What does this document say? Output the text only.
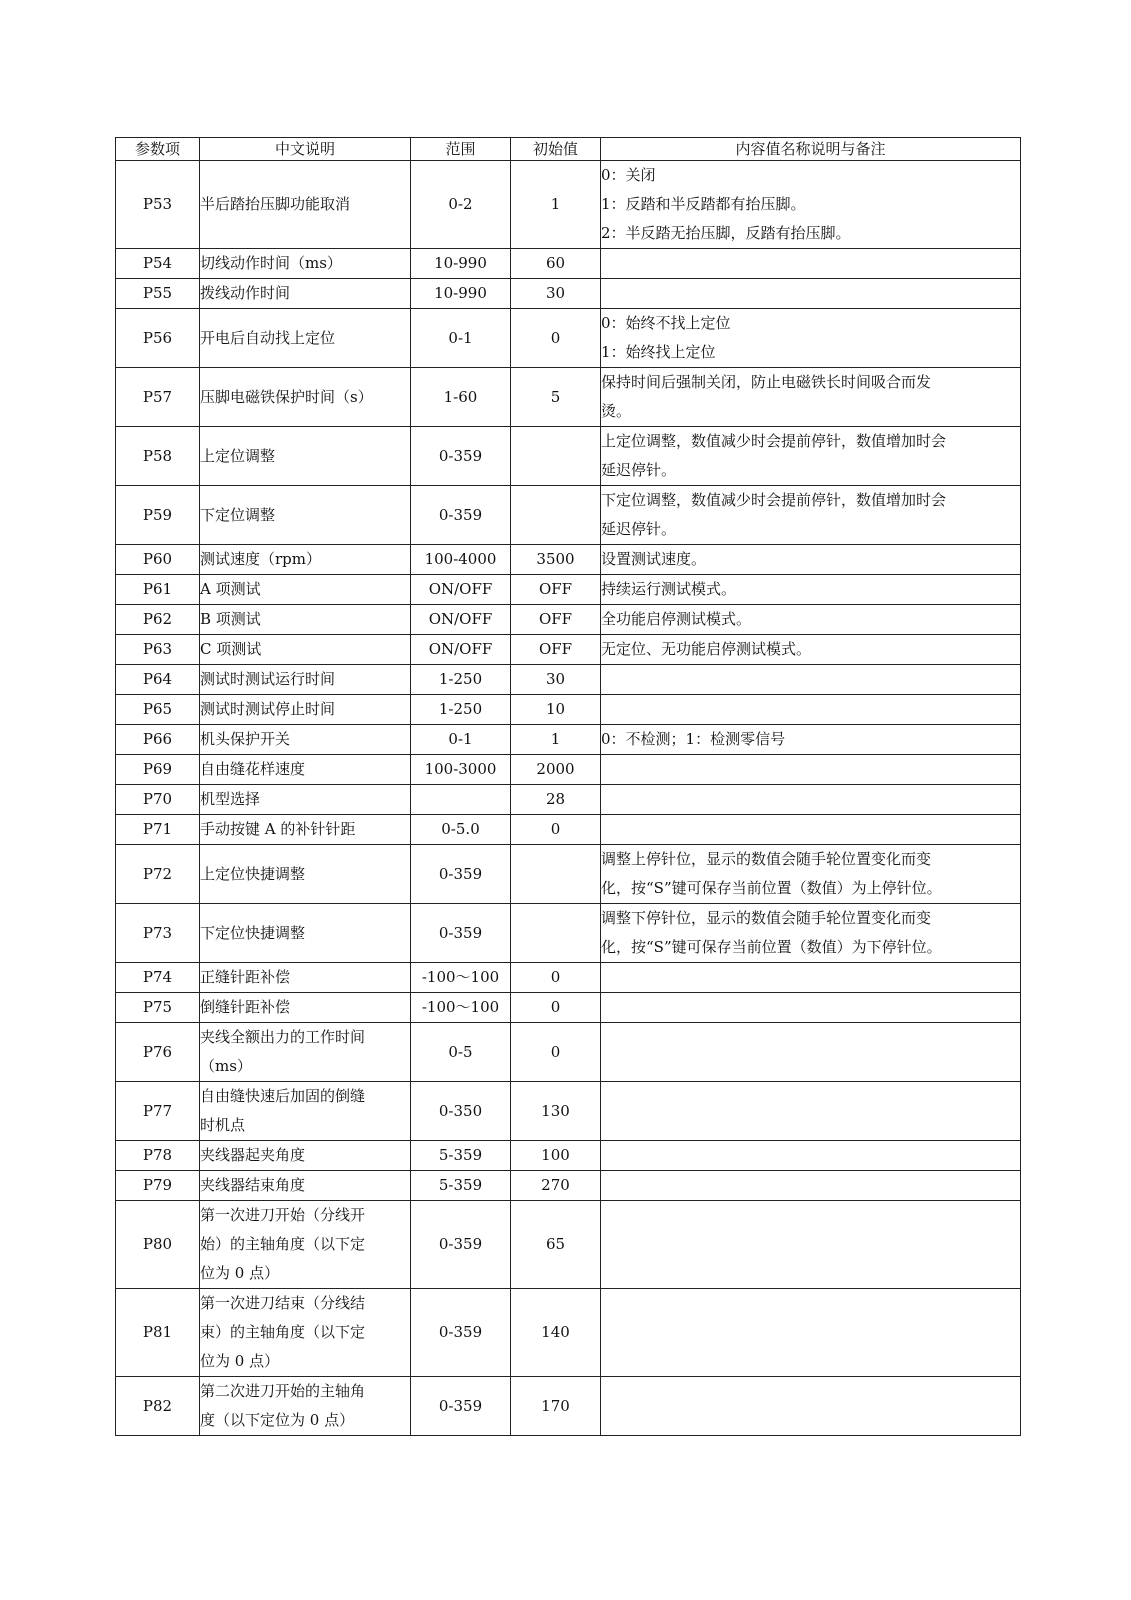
参数项	中文说明	范围	初始值	内容值名称说明与备注
P53	半后踏抬压脚功能取消	0-2	1	0：关闭
1：反踏和半反踏都有抬压脚。
2：半反踏无抬压脚，反踏有抬压脚。

P54	切线动作时间（ms）	10-990	60	
P55	拨线动作时间	10-990	30	
P56	开电后自动找上定位	0-1	0	0：始终不找上定位
1：始终找上定位

P57	压脚电磁铁保护时间（s）	1-60	5	保持时间后强制关闭，防止电磁铁长时间吸合而发
烫。

P58	上定位调整	0-359		上定位调整，数值减少时会提前停针，数值增加时会
延迟停针。

P59	下定位调整	0-359		下定位调整，数值减少时会提前停针，数值增加时会
延迟停针。

P60	测试速度（rpm）	100-4000	3500	设置测试速度。

P61	A 项测试	ON/OFF	OFF	持续运行测试模式。

P62	B 项测试	ON/OFF	OFF	全功能启停测试模式。

P63	C 项测试	ON/OFF	OFF	无定位、无功能启停测试模式。

P64	测试时测试运行时间	1-250	30	
P65	测试时测试停止时间	1-250	10	
P66	机头保护开关	0-1	1	0：不检测；1：检测零信号

P69	自由缝花样速度	100-3000	2000	
P70	机型选择		28	
P71	手动按键 A 的补针针距	0-5.0	0	
P72	上定位快捷调整	0-359		调整上停针位，显示的数值会随手轮位置变化而变
化，按“S”键可保存当前位置（数值）为上停针位。

P73	下定位快捷调整	0-359		调整下停针位，显示的数值会随手轮位置变化而变
化，按“S”键可保存当前位置（数值）为下停针位。

P74	正缝针距补偿	-100～100	0	
P75	倒缝针距补偿	-100～100	0	
P76	夹线全额出力的工作时间
（ms）	0-5	0	
P77	自由缝快速后加固的倒缝
时机点	0-350	130	
P78	夹线器起夹角度	5-359	100	
P79	夹线器结束角度	5-359	270	
P80	第一次进刀开始（分线开
始）的主轴角度（以下定
位为 0 点）	0-359	65	
P81	第一次进刀结束（分线结
束）的主轴角度（以下定
位为 0 点）	0-359	140	
P82	第二次进刀开始的主轴角
度（以下定位为 0 点）	0-359	170	
